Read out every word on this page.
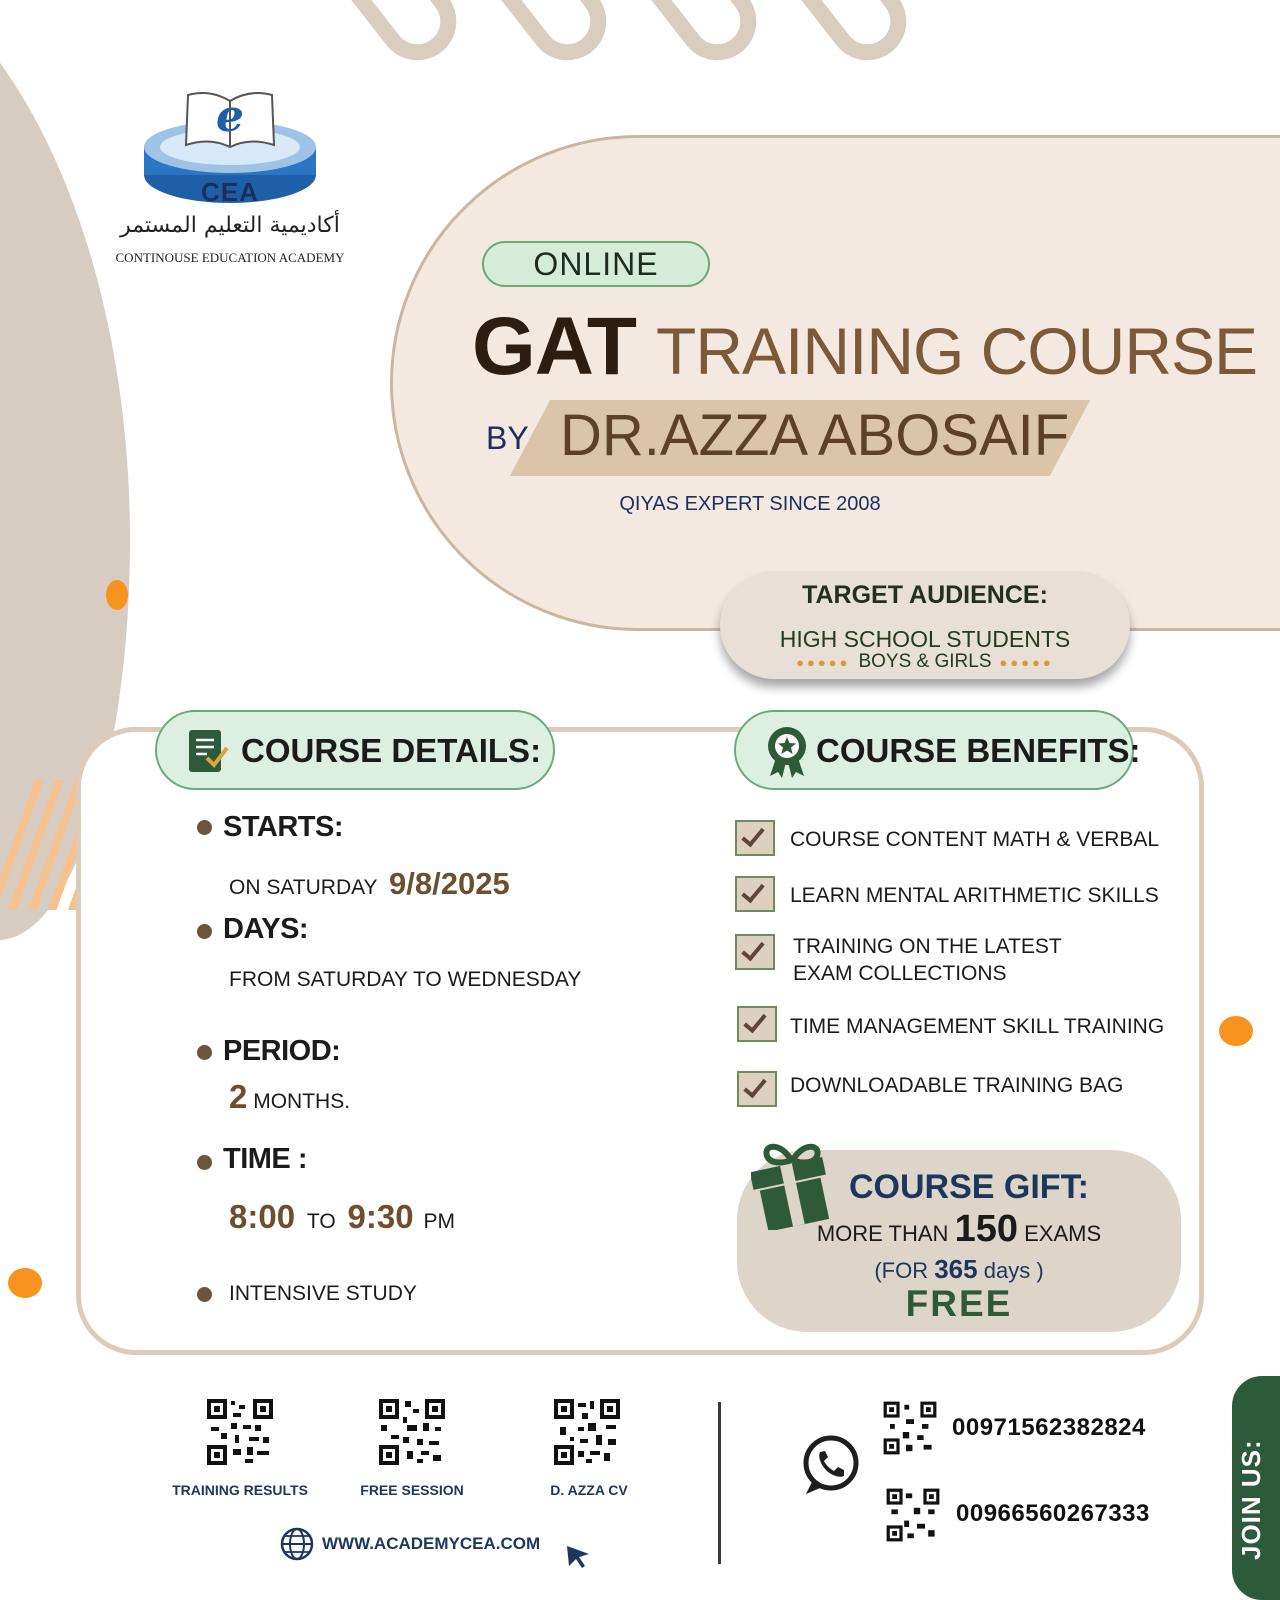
e
CEA
أكاديمية التعليم المستمر
CONTINOUSE EDUCATION ACADEMY	ONLINE
GAT TRAINING COURSE
BY DR.AZZA ABOSAIF
QIYAS EXPERT SINCE 2008
TARGET AUDIENCE:
HIGH SCHOOL STUDENTS
●●●●● BOYS & GIRLS ●●●●●
COURSE DETAILS:	COURSE BENEFITS:
STARTS:
ON SATURDAY 9/8/2025
DAYS:
FROM SATURDAY TO WEDNESDAY
PERIOD:
2 MONTHS.
TIME :
8:00 TO 9:30 PM
INTENSIVE STUDY
COURSE CONTENT MATH & VERBAL
LEARN MENTAL ARITHMETIC SKILLS
TRAINING ON THE LATEST EXAM COLLECTIONS
TIME MANAGEMENT SKILL TRAINING
DOWNLOADABLE TRAINING BAG
COURSE GIFT:
MORE THAN 150 EXAMS
(FOR 365 days )
FREE
TRAINING RESULTS	FREE SESSION	D. AZZA CV
WWW.ACADEMYCEA.COM
00971562382824
00966560267333	JOIN US:
